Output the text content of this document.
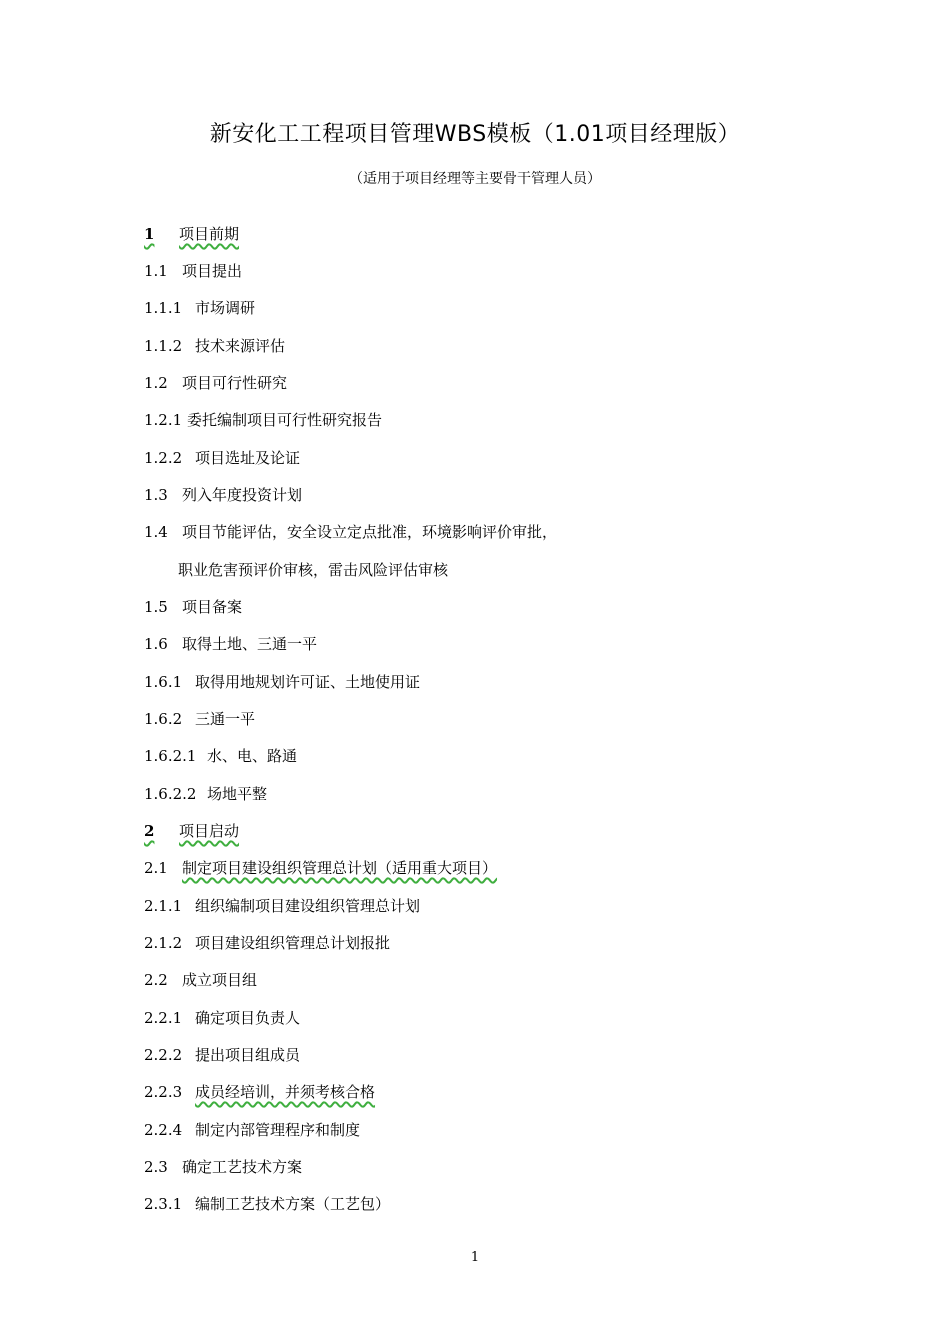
新安化工工程项目管理WBS模板（1.01项目经理版）
（适用于项目经理等主要骨干管理人员）
1 项目前期
1.1 项目提出
1.1.1 市场调研
1.1.2 技术来源评估
1.2 项目可行性研究
1.2.1 委托编制项目可行性研究报告
1.2.2 项目选址及论证
1.3 列入年度投资计划
1.4 项目节能评估，安全设立定点批准，环境影响评价审批，
职业危害预评价审核，雷击风险评估审核
1.5 项目备案
1.6 取得土地、三通一平
1.6.1 取得用地规划许可证、土地使用证
1.6.2 三通一平
1.6.2.1 水、电、路通
1.6.2.2 场地平整
2 项目启动
2.1 制定项目建设组织管理总计划（适用重大项目）
2.1.1 组织编制项目建设组织管理总计划
2.1.2 项目建设组织管理总计划报批
2.2 成立项目组
2.2.1 确定项目负责人
2.2.2 提出项目组成员
2.2.3 成员经培训，并须考核合格
2.2.4 制定内部管理程序和制度
2.3 确定工艺技术方案
2.3.1 编制工艺技术方案（工艺包）
1
